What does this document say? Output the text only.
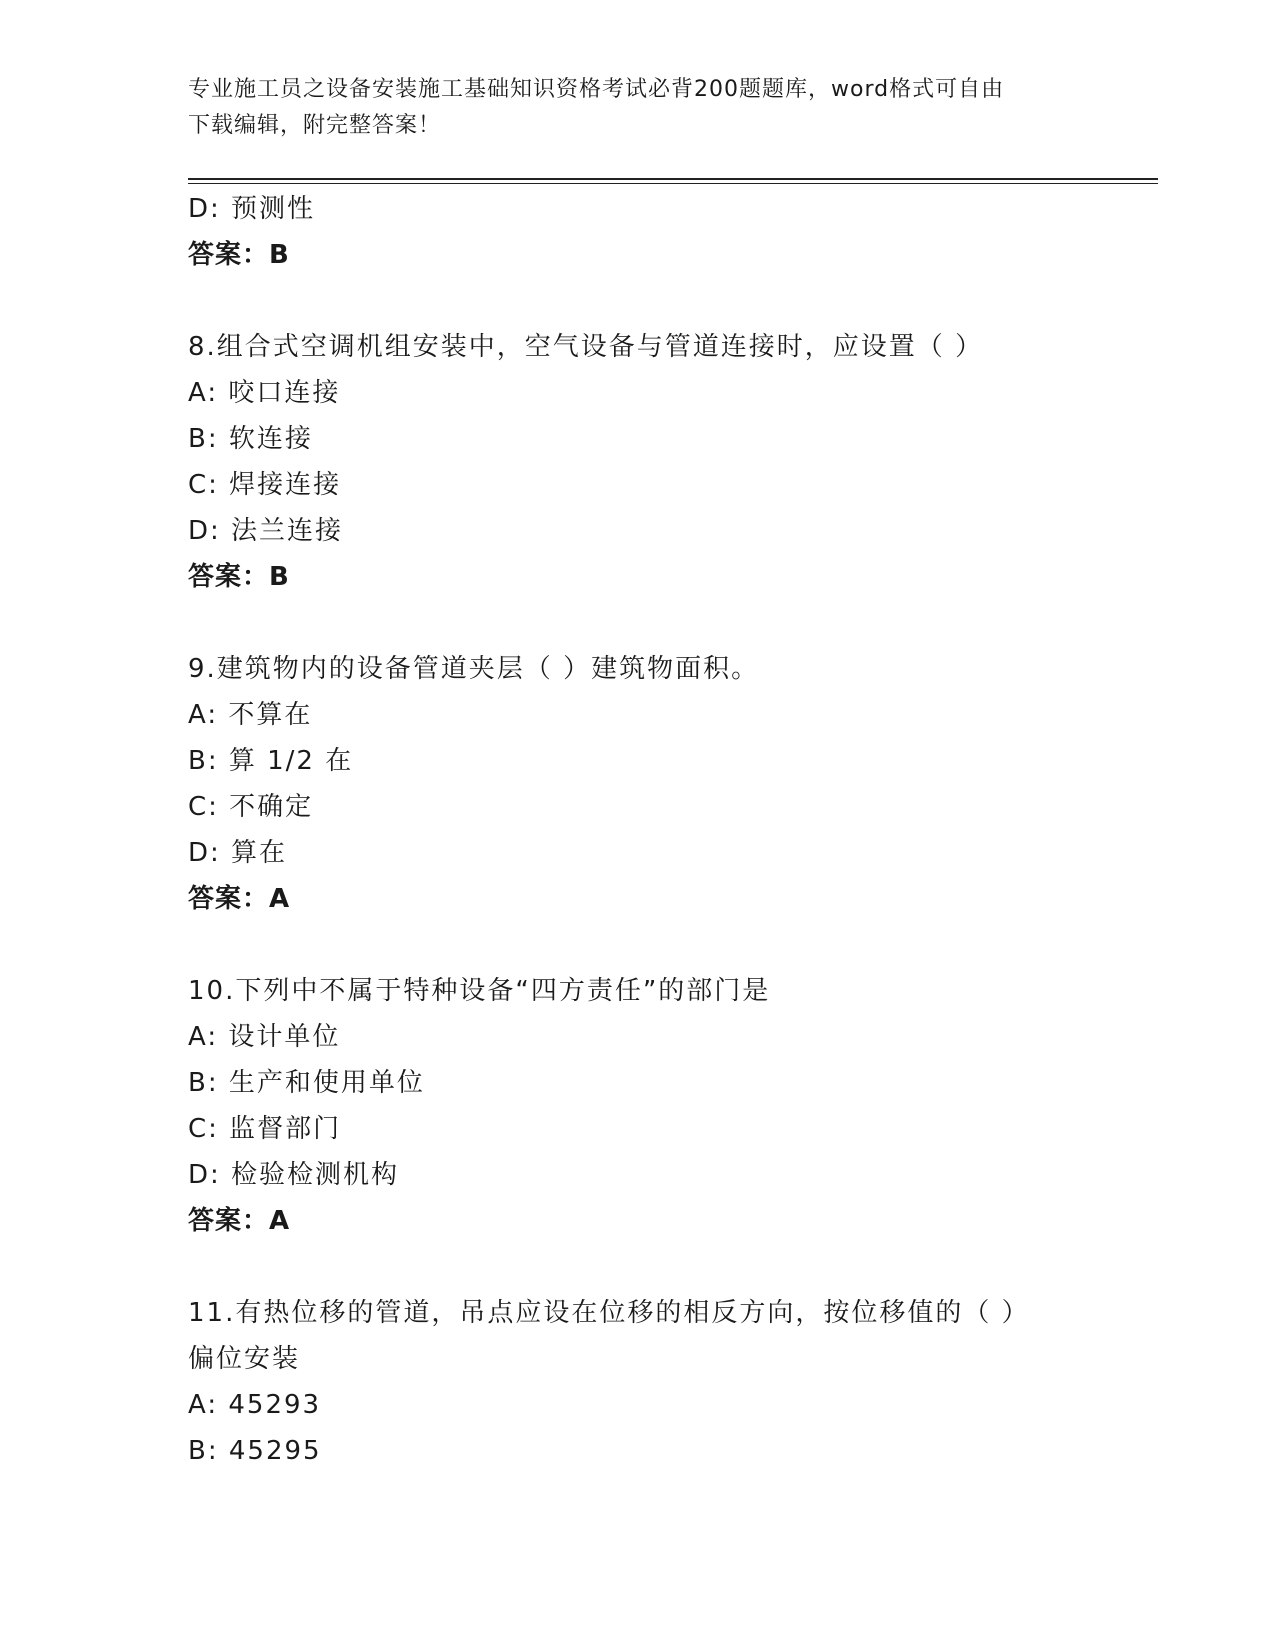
专业施工员之设备安装施工基础知识资格考试必背200题题库，word格式可自由

下载编辑，附完整答案！

D: 预测性
答案：B
8.组合式空调机组安装中，空气设备与管道连接时，应设置（ ）
A: 咬口连接
B: 软连接
C: 焊接连接
D: 法兰连接
答案：B
9.建筑物内的设备管道夹层（ ）建筑物面积。
A: 不算在
B: 算 1/2 在
C: 不确定
D: 算在
答案：A
10.下列中不属于特种设备“四方责任”的部门是
A: 设计单位
B: 生产和使用单位
C: 监督部门
D: 检验检测机构
答案：A
11.有热位移的管道，吊点应设在位移的相反方向，按位移值的（ ）
偏位安装
A: 45293
B: 45295
